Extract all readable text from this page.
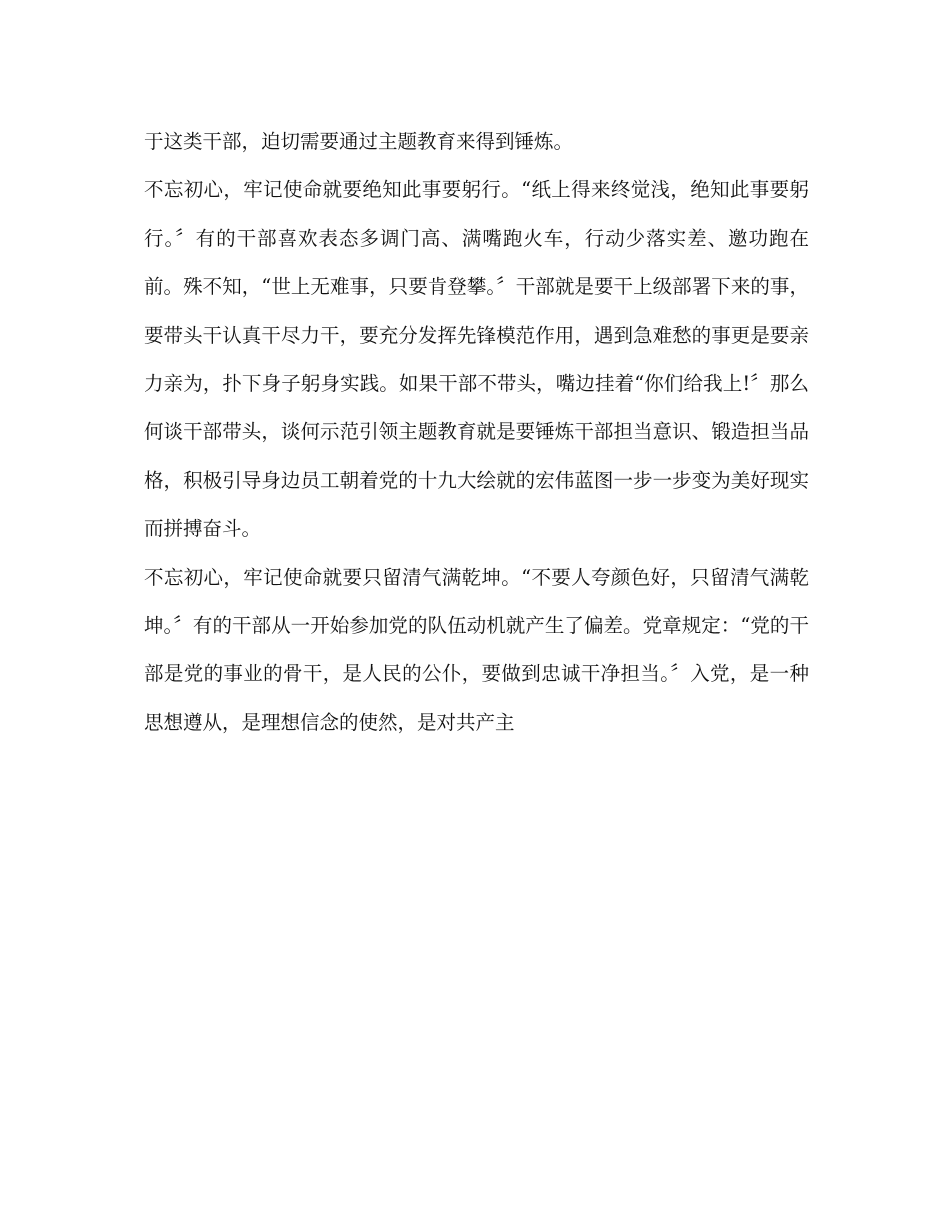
于这类干部，迫切需要通过主题教育来得到锤炼。

不忘初心，牢记使命就要绝知此事要躬行。“纸上得来终觉浅，绝知此事要躬行。〞有的干部喜欢表态多调门高、满嘴跑火车，行动少落实差、邀功跑在前。殊不知，“世上无难事，只要肯登攀。〞干部就是要干上级部署下来的事，要带头干认真干尽力干，要充分发挥先锋模范作用，遇到急难愁的事更是要亲力亲为，扑下身子躬身实践。如果干部不带头，嘴边挂着“你们给我上!〞那么何谈干部带头，谈何示范引领主题教育就是要锤炼干部担当意识、锻造担当品格，积极引导身边员工朝着党的十九大绘就的宏伟蓝图一步一步变为美好现实而拼搏奋斗。

不忘初心，牢记使命就要只留清气满乾坤。“不要人夸颜色好，只留清气满乾坤。〞有的干部从一开始参加党的队伍动机就产生了偏差。党章规定：“党的干部是党的事业的骨干，是人民的公仆，要做到忠诚干净担当。〞入党，是一种思想遵从，是理想信念的使然，是对共产主
